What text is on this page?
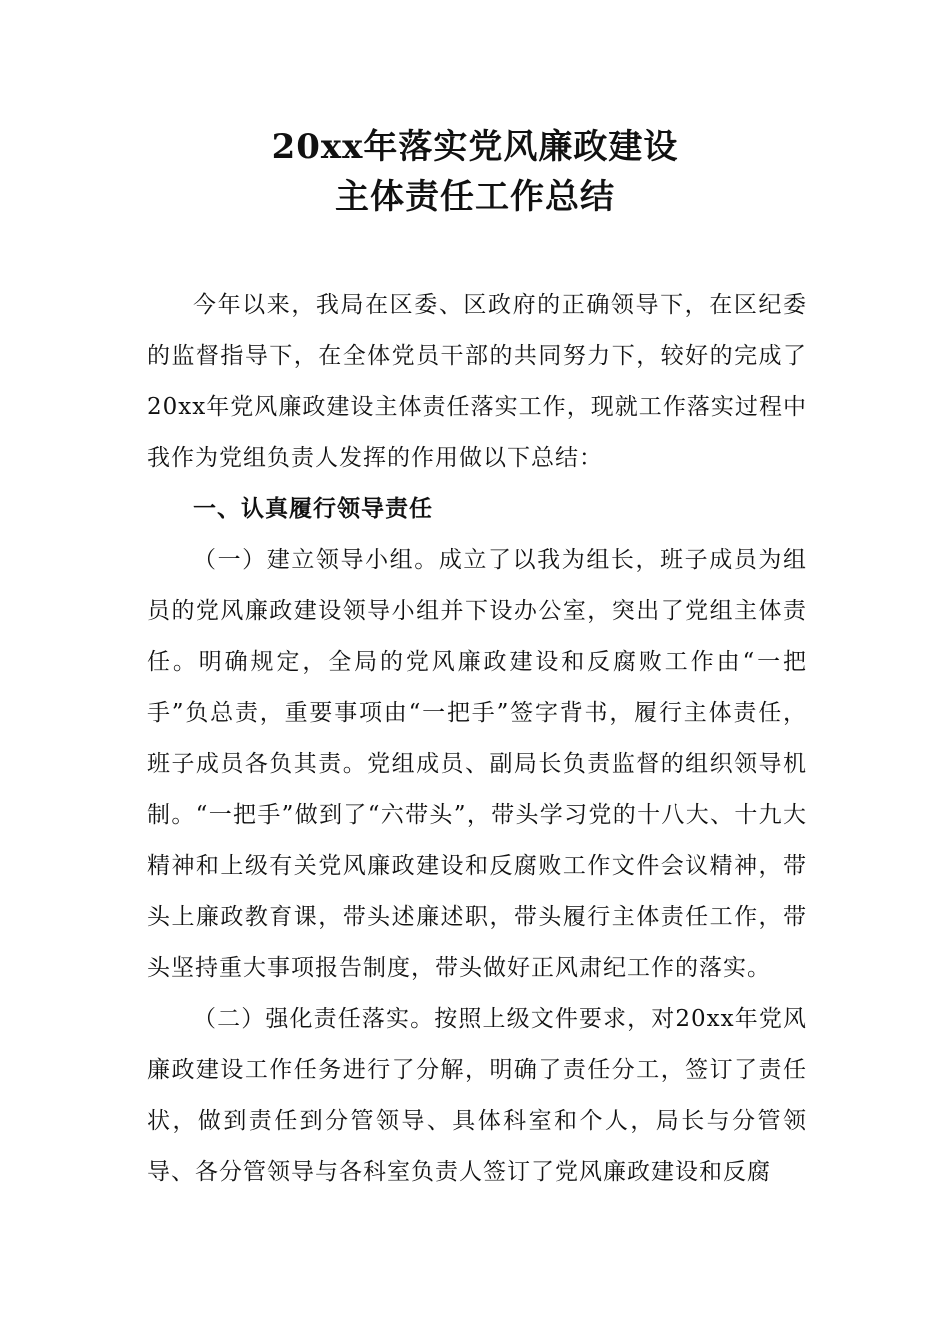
20xx年落实党风廉政建设
主体责任工作总结

今年以来，我局在区委、区政府的正确领导下，在区纪委的监督指导下，在全体党员干部的共同努力下，较好的完成了20xx年党风廉政建设主体责任落实工作，现就工作落实过程中我作为党组负责人发挥的作用做以下总结：

一、认真履行领导责任

（一）建立领导小组。成立了以我为组长，班子成员为组员的党风廉政建设领导小组并下设办公室，突出了党组主体责任。明确规定，全局的党风廉政建设和反腐败工作由“一把手”负总责，重要事项由“一把手”签字背书，履行主体责任，班子成员各负其责。党组成员、副局长负责监督的组织领导机制。“一把手”做到了“六带头”，带头学习党的十八大、十九大精神和上级有关党风廉政建设和反腐败工作文件会议精神，带头上廉政教育课，带头述廉述职，带头履行主体责任工作，带头坚持重大事项报告制度，带头做好正风肃纪工作的落实。

（二）强化责任落实。按照上级文件要求，对20xx年党风廉政建设工作任务进行了分解，明确了责任分工，签订了责任状，做到责任到分管领导、具体科室和个人，局长与分管领导、各分管领导与各科室负责人签订了党风廉政建设和反腐
